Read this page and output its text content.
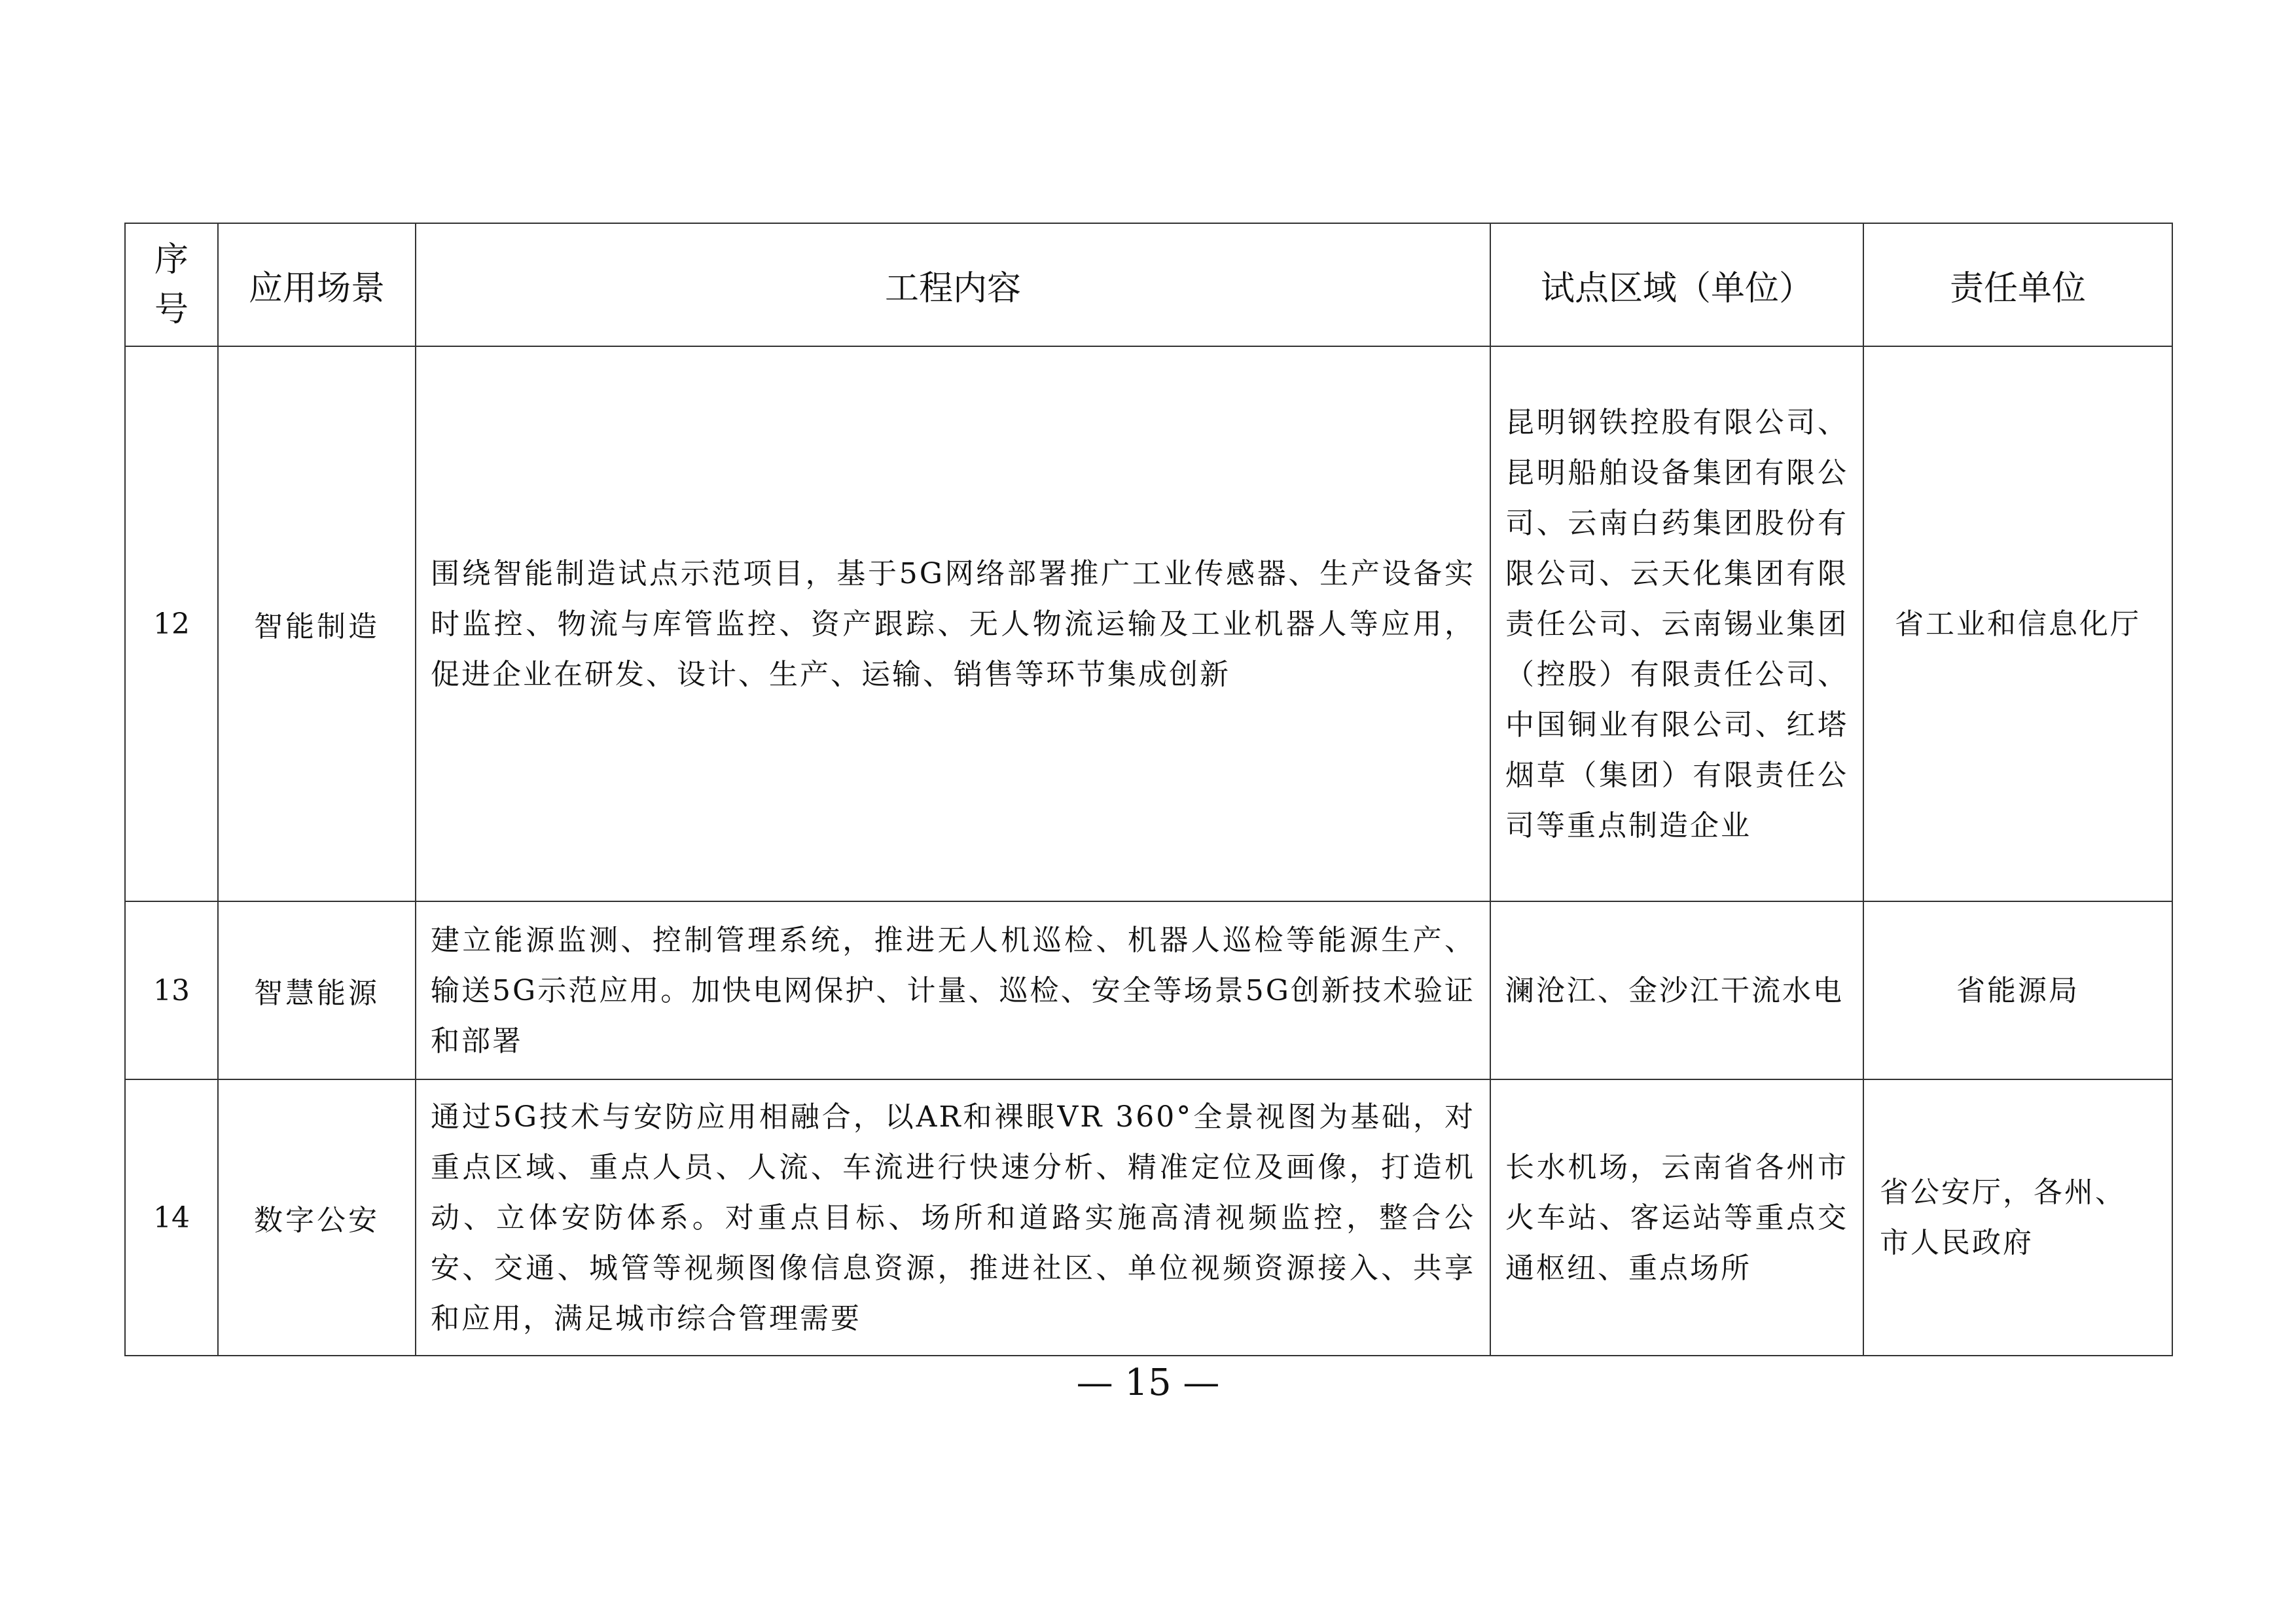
序号	应用场景	工程内容	试点区域（单位）	责任单位
12	智能制造	围绕智能制造试点示范项目，基于5G网络部署推广工业传感器、生产设备实时监控、物流与库管监控、资产跟踪、无人物流运输及工业机器人等应用，促进企业在研发、设计、生产、运输、销售等环节集成创新	昆明钢铁控股有限公司、昆明船舶设备集团有限公司、云南白药集团股份有限公司、云天化集团有限责任公司、云南锡业集团（控股）有限责任公司、中国铜业有限公司、红塔烟草（集团）有限责任公司等重点制造企业	省工业和信息化厅
13	智慧能源	建立能源监测、控制管理系统，推进无人机巡检、机器人巡检等能源生产、输送5G示范应用。加快电网保护、计量、巡检、安全等场景5G创新技术验证和部署	澜沧江、金沙江干流水电	省能源局
14	数字公安	通过5G技术与安防应用相融合，以AR和裸眼VR 360°全景视图为基础，对重点区域、重点人员、人流、车流进行快速分析、精准定位及画像，打造机动、立体安防体系。对重点目标、场所和道路实施高清视频监控，整合公安、交通、城管等视频图像信息资源，推进社区、单位视频资源接入、共享和应用，满足城市综合管理需要	长水机场，云南省各州市火车站、客运站等重点交通枢纽、重点场所	省公安厅，各州、市人民政府
— 15 —
